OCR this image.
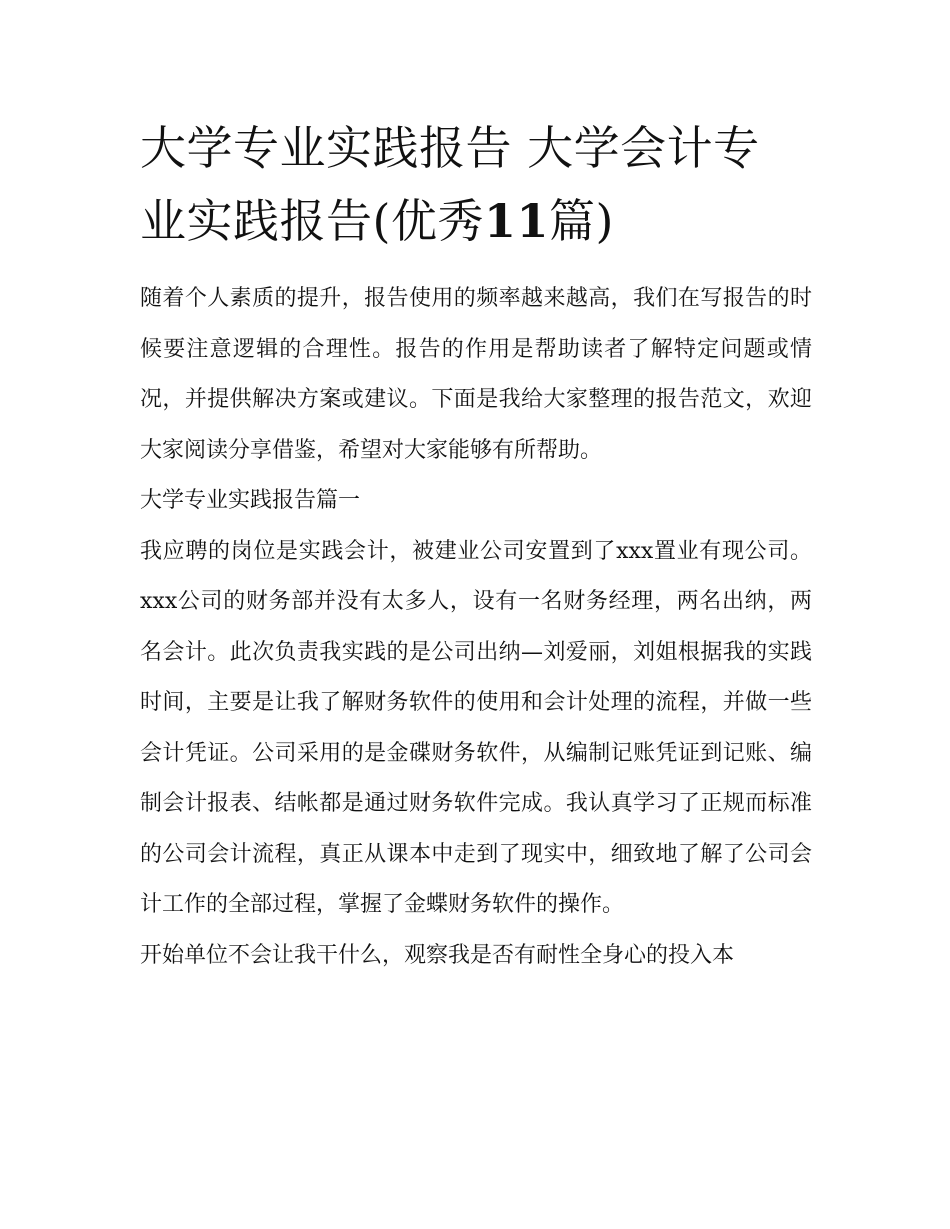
大学专业实践报告 大学会计专
业实践报告(优秀11篇)

随着个人素质的提升，报告使用的频率越来越高，我们在写报告的时候要注意逻辑的合理性。报告的作用是帮助读者了解特定问题或情况，并提供解决方案或建议。下面是我给大家整理的报告范文，欢迎大家阅读分享借鉴，希望对大家能够有所帮助。

大学专业实践报告篇一

我应聘的岗位是实践会计，被建业公司安置到了xxx置业有现公司。xxx公司的财务部并没有太多人，设有一名财务经理，两名出纳，两名会计。此次负责我实践的是公司出纳—刘爱丽，刘姐根据我的实践时间，主要是让我了解财务软件的使用和会计处理的流程，并做一些会计凭证。公司采用的是金碟财务软件，从编制记账凭证到记账、编制会计报表、结帐都是通过财务软件完成。我认真学习了正规而标准的公司会计流程，真正从课本中走到了现实中，细致地了解了公司会计工作的全部过程，掌握了金蝶财务软件的操作。

开始单位不会让我干什么，观察我是否有耐性全身心的投入本
